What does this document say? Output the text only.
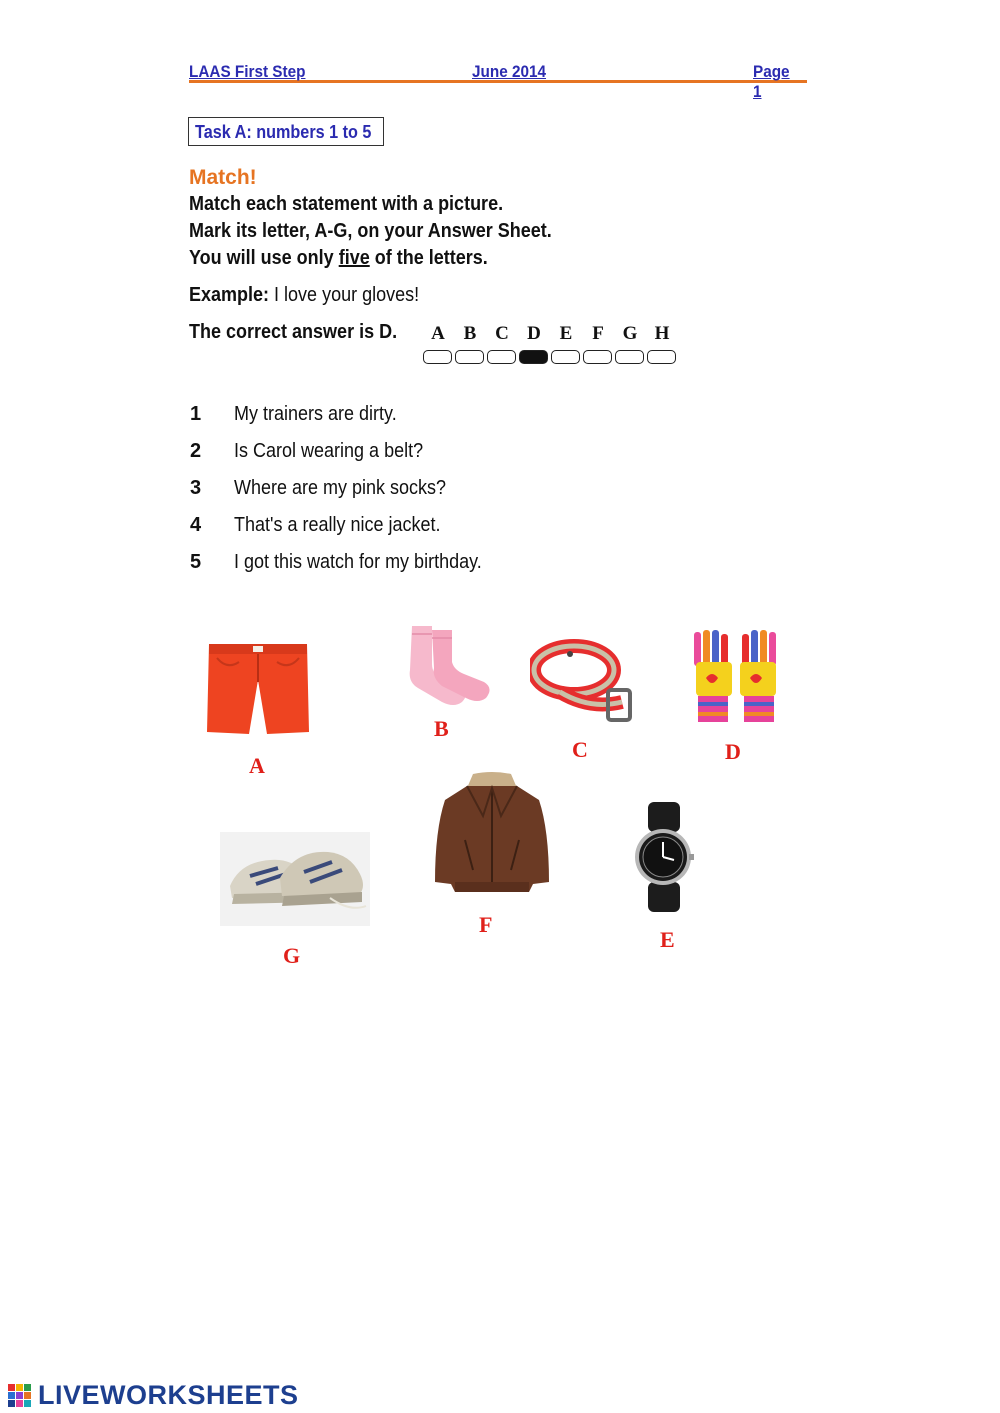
LAAS First Step	June 2014	Page 1
Task A: numbers 1 to 5
Match!
Match each statement with a picture.
Mark its letter, A-G, on your Answer Sheet.
You will use only five of the letters.
Example: I love your gloves!
The correct answer is D.	A B C D E	F G H
1 My trainers are dirty.
2 Is Carol wearing a belt?
3 Where are my pink socks?
4 That's a really nice jacket.
5 I got this watch for my birthday.
A
B
C	D
G
F
E
LIVEWORKSHEETS
